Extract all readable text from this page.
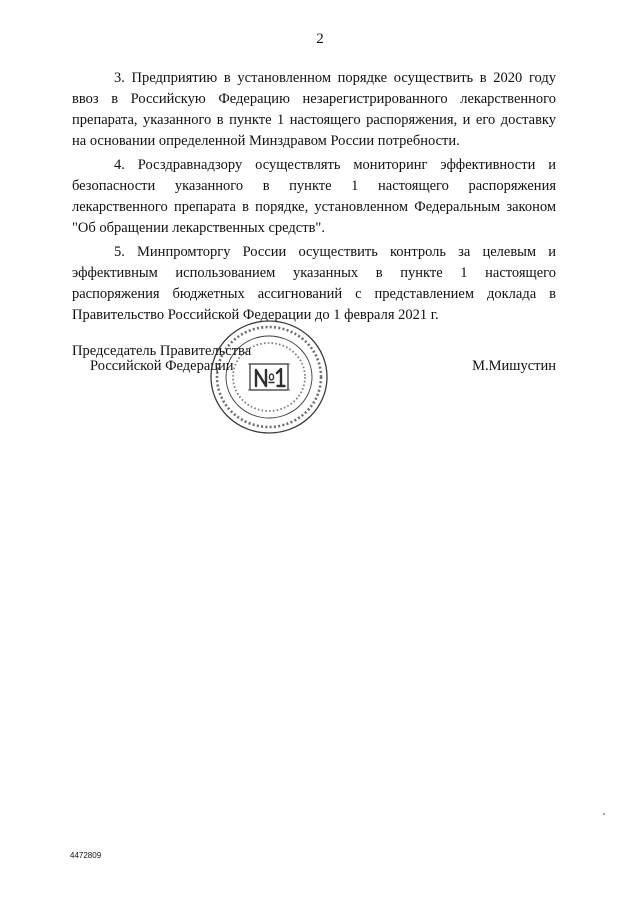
2

3. Предприятию в установленном порядке осуществить в 2020 году ввоз в Российскую Федерацию незарегистрированного лекарственного препарата, указанного в пункте 1 настоящего распоряжения, и его доставку на основании определенной Минздравом России потребности.

4. Росздравнадзору осуществлять мониторинг эффективности и безопасности указанного в пункте 1 настоящего распоряжения лекарственного препарата в порядке, установленном Федеральным законом "Об обращении лекарственных средств".

5. Минпромторгу России осуществить контроль за целевым и эффективным использованием указанных в пункте 1 настоящего распоряжения бюджетных ассигнований с представлением доклада в Правительство Российской Федерации до 1 февраля 2021 г.

Председатель Правительства
Российской Федерации	М.Мишустин
4472809
